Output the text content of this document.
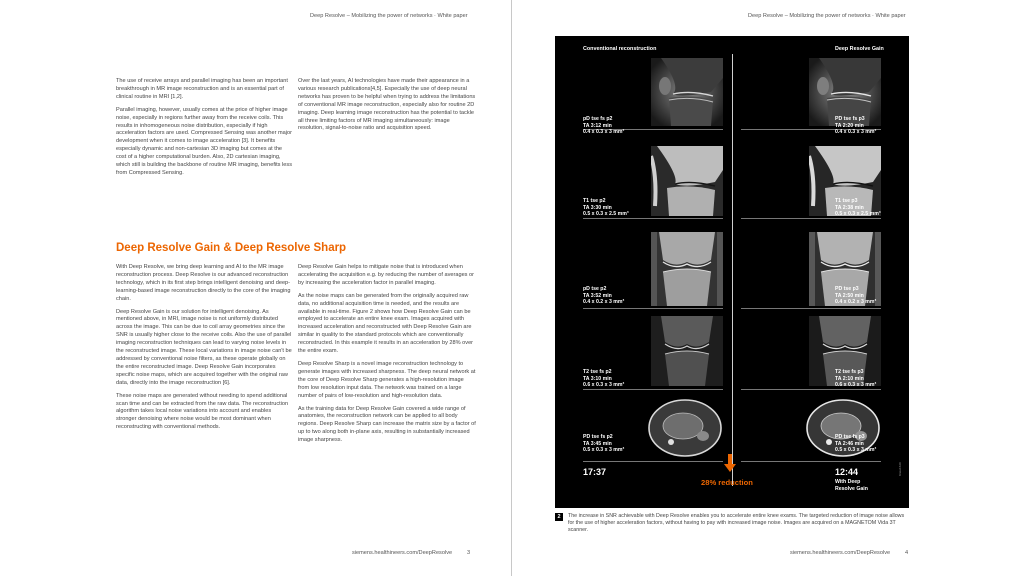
Deep Resolve – Mobilizing the power of networks · White paper	Deep Resolve – Mobilizing the power of networks · White paper

The use of receive arrays and parallel imaging has been an important breakthrough in MR image reconstruction and is an essential part of clinical routine in MRI [1,2].

Parallel imaging, however, usually comes at the price of higher image noise, especially in regions further away from the receive coils. This results in inhomogeneous noise distribution, especially if high acceleration factors are used. Compressed Sensing was another major development when it comes to image acceleration [3]. It benefits especially dynamic and non-cartesian 3D imaging but comes at the cost of a higher computational burden. Also, 2D cartesian imaging, which still is building the backbone of routine MR imaging, benefits less from Compressed Sensing.

Over the last years, AI technologies have made their appearance in a various research publications[4,5]. Especially the use of deep neural networks has proven to be helpful when trying to address the limitations of conventional MR image reconstruction, especially also for routine 2D imaging. Deep learning image reconstruction has the potential to tackle all three limiting factors of MR imaging simultaneously: image resolution, signal-to-noise ratio and acquisition speed.

Deep Resolve Gain & Deep Resolve Sharp

With Deep Resolve, we bring deep learning and AI to the MR image reconstruction process. Deep Resolve is our advanced reconstruction technology, which in its first step brings intelligent denoising and deep-learning-based image reconstruction directly to the core of the imaging chain.

Deep Resolve Gain is our solution for intelligent denoising. As mentioned above, in MRI, image noise is not uniformly distributed across the image. This can be due to coil array geometries since the SNR is usually higher close to the receive coils. Also the use of parallel imaging reconstruction techniques can lead to varying noise levels in the reconstructed image. These local variations in image noise can't be addressed by conventional noise filters, as these operate globally on the entire reconstructed image. Deep Resolve Gain incorporates specific noise maps, which are acquired together with the original raw data, directly into the image reconstruction [6].

These noise maps are generated without needing to spend additional scan time and can be extracted from the raw data. The reconstruction algorithm takes local noise variations into account and enables stronger denoising where noise would be most dominant when reconstructing with conventional methods.

Deep Resolve Gain helps to mitigate noise that is introduced when accelerating the acquisition e.g. by reducing the number of averages or by increasing the acceleration factor in parallel imaging.

As the noise maps can be generated from the originally acquired raw data, no additional acquisition time is needed, and the results are available in real-time. Figure 2 shows how Deep Resolve Gain can be employed to accelerate an entire knee exam. Images acquired with increased acceleration and reconstructed with Deep Resolve Gain are similar in quality to the standard protocols which are conventionally reconstructed. In this example it results in an acceleration by 28% over the entire exam.

Deep Resolve Sharp is a novel image reconstruction technology to generate images with increased sharpness. The deep neural network at the core of Deep Resolve Sharp generates a high-resolution image from low resolution input data. The network was trained on a large number of pairs of low-resolution and high-resolution data.

As the training data for Deep Resolve Gain covered a wide range of anatomies, the reconstruction network can be applied to all body regions. Deep Resolve Sharp can increase the matrix size by a factor of up to two along both in-plane axis, resulting in substantially increased image sharpness.

siemens.healthineers.com/DeepResolve	3	siemens.healthineers.com/DeepResolve	4
Conventional reconstruction	Deep Resolve Gain
pD tse fs p2
TA 3:12 min
0.4 x 0.3 x 3 mm³
T1 tse p2
TA 3:30 min
0.5 x 0.3 x 2.5 mm³
pD tse p2
TA 3:52 min
0.4 x 0.2 x 3 mm³
T2 tse fs p2
TA 3:10 min
0.6 x 0.3 x 3 mm³
PD tse fs p2
TA 3:45 min
0.5 x 0.3 x 3 mm³
PD tse fs p3
TA 2:20 min
0.4 x 0.3 x 3 mm³
T1 tse p3
TA 2:38 min
0.5 x 0.3 x 2.5 mm³
PD tse p3
TA 2:50 min
0.4 x 0.2 x 3 mm³
T2 tse fs p3
TA 2:10 min
0.6 x 0.3 x 3 mm³
PD tse fs p3
TA 2:46 min
0.5 x 0.3 x 3 mm³
17:37	12:44
With Deep
Resolve Gain
28% reduction
Knee1620
2	The increase in SNR achievable with Deep Resolve enables you to accelerate entire knee exams. The targeted reduction of image noise allows for the use of higher acceleration factors, without having to pay with increased image noise. Images are acquired on a MAGNETOM Vida 3T scanner.
